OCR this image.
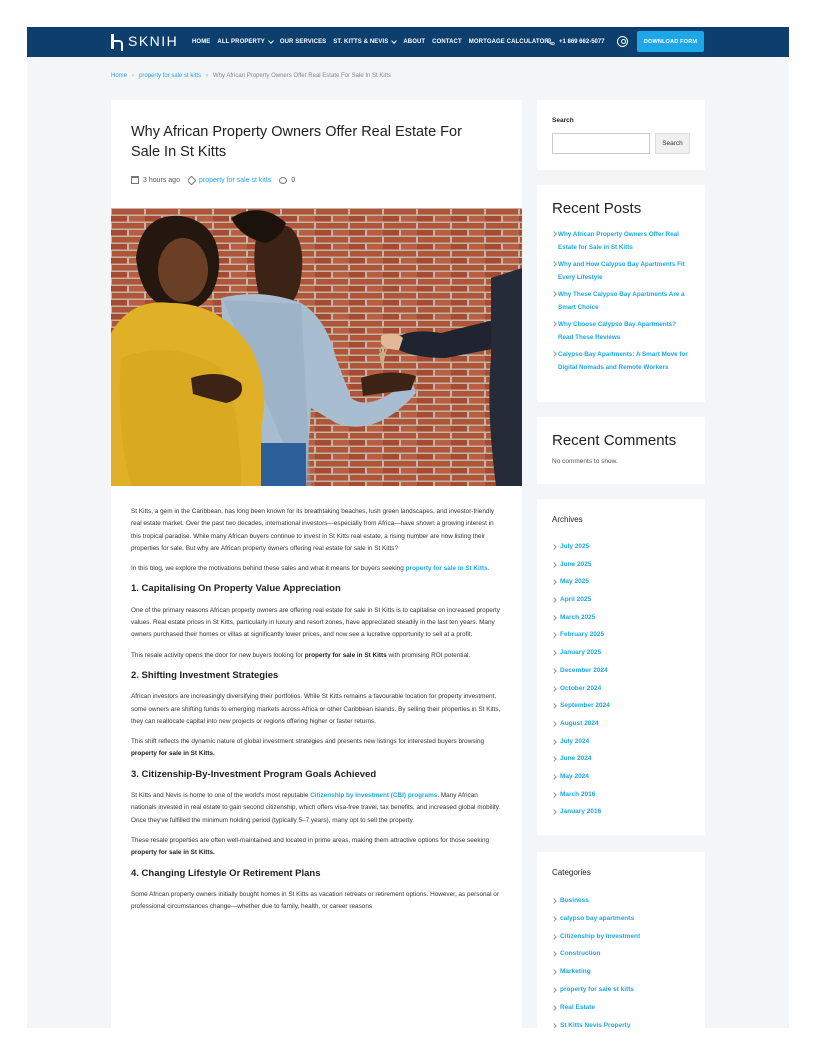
SKNIH HOME ALL PROPERTY	OUR SERVICES ST. KITTS & NEVIS	ABOUT CONTACT MORTGAGE CALCULATOR +1 869 662-5077	DOWNLOAD FORM
Home › property for sale st kitts › Why African Property Owners Offer Real Estate For Sale In St Kitts
Why African Property Owners Offer Real Estate For Sale In St Kitts
3 hours ago	property for sale st kitts	0

St Kitts, a gem in the Caribbean, has long been known for its breathtaking beaches, lush green landscapes, and investor-friendly real estate market. Over the past two decades, international investors—especially from Africa—have shown a growing interest in this tropical paradise. While many African buyers continue to invest in St Kitts real estate, a rising number are now listing their properties for sale. But why are African property owners offering real estate for sale in St Kitts?

In this blog, we explore the motivations behind these sales and what it means for buyers seeking property for sale in St Kitts.

1. Capitalising On Property Value Appreciation

One of the primary reasons African property owners are offering real estate for sale in St Kitts is to capitalise on increased property values. Real estate prices in St Kitts, particularly in luxury and resort zones, have appreciated steadily in the last ten years. Many owners purchased their homes or villas at significantly lower prices, and now see a lucrative opportunity to sell at a profit.

This resale activity opens the door for new buyers looking for property for sale in St Kitts with promising ROI potential.

2. Shifting Investment Strategies

African investors are increasingly diversifying their portfolios. While St Kitts remains a favourable location for property investment, some owners are shifting funds to emerging markets across Africa or other Caribbean islands. By selling their properties in St Kitts, they can reallocate capital into new projects or regions offering higher or faster returns.

This shift reflects the dynamic nature of global investment strategies and presents new listings for interested buyers browsing property for sale in St Kitts.

3. Citizenship-By-Investment Program Goals Achieved

St Kitts and Nevis is home to one of the world's most reputable Citizenship by Investment (CBI) programs. Many African nationals invested in real estate to gain second citizenship, which offers visa-free travel, tax benefits, and increased global mobility. Once they've fulfilled the minimum holding period (typically 5–7 years), many opt to sell the property.

These resale properties are often well-maintained and located in prime areas, making them attractive options for those seeking property for sale in St Kitts.

4. Changing Lifestyle Or Retirement Plans

Some African property owners initially bought homes in St Kitts as vacation retreats or retirement options. However, as personal or professional circumstances change—whether due to family, health, or career reasons

Search
Search
Recent Posts
Why African Property Owners Offer Real Estate for Sale in St Kitts
Why and How Calypso Bay Apartments Fit Every Lifestyle
Why These Calypso Bay Apartments Are a Smart Choice
Why Choose Calypso Bay Apartments? Read These Reviews
Calypso Bay Apartments: A Smart Move for Digital Nomads and Remote Workers
Recent Comments
No comments to show.
Archives
July 2025
June 2025
May 2025
April 2025
March 2025
February 2025
January 2025
December 2024
October 2024
September 2024
August 2024
July 2024
June 2024
May 2024
March 2016
January 2016
Categories
Business
calypso bay apartments
Citizenship by Investment
Construction
Marketing
property for sale st kitts
Real Estate
St Kitts Nevis Property
